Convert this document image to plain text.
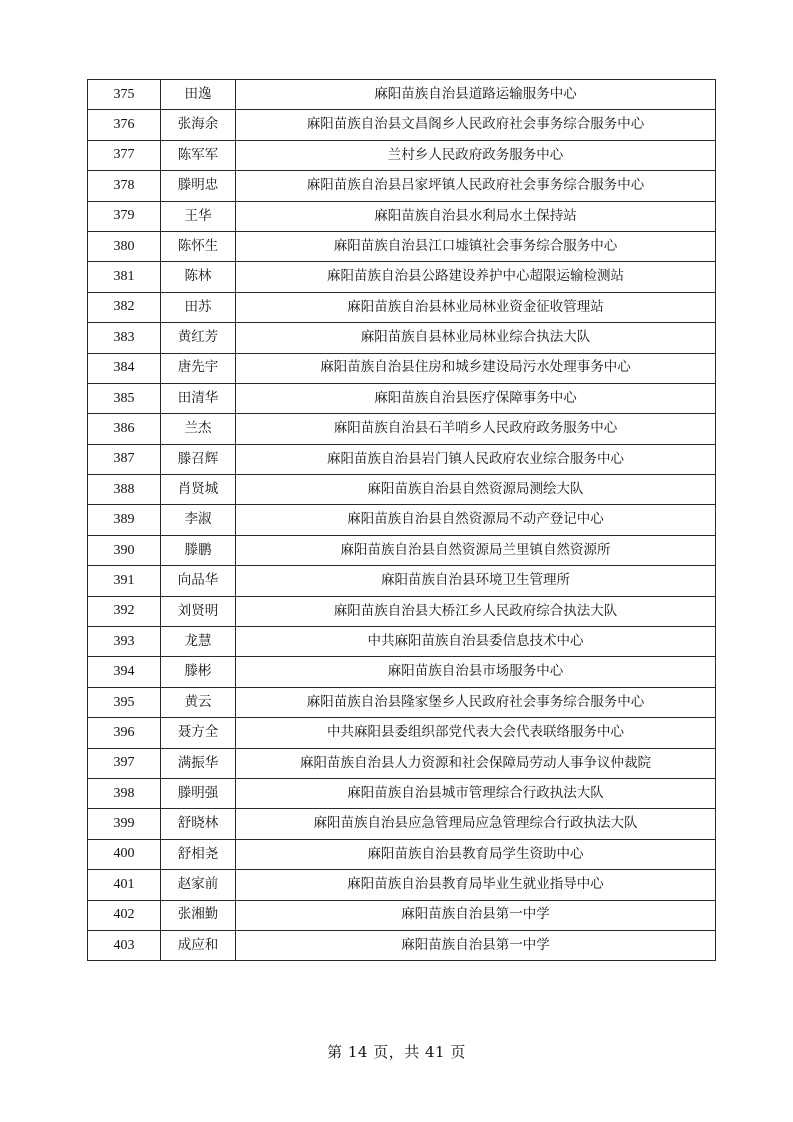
375	田逸	麻阳苗族自治县道路运输服务中心
376	张海余	麻阳苗族自治县文昌阁乡人民政府社会事务综合服务中心
377	陈军军	兰村乡人民政府政务服务中心
378	滕明忠	麻阳苗族自治县吕家坪镇人民政府社会事务综合服务中心
379	王华	麻阳苗族自治县水利局水土保持站
380	陈怀生	麻阳苗族自治县江口墟镇社会事务综合服务中心
381	陈林	麻阳苗族自治县公路建设养护中心超限运输检测站
382	田苏	麻阳苗族自治县林业局林业资金征收管理站
383	黄红芳	麻阳苗族自县林业局林业综合执法大队
384	唐先宇	麻阳苗族自治县住房和城乡建设局污水处理事务中心
385	田清华	麻阳苗族自治县医疗保障事务中心
386	兰杰	麻阳苗族自治县石羊哨乡人民政府政务服务中心
387	滕召辉	麻阳苗族自治县岩门镇人民政府农业综合服务中心
388	肖贤城	麻阳苗族自治县自然资源局测绘大队
389	李淑	麻阳苗族自治县自然资源局不动产登记中心
390	滕鹏	麻阳苗族自治县自然资源局兰里镇自然资源所
391	向品华	麻阳苗族自治县环境卫生管理所
392	刘贤明	麻阳苗族自治县大桥江乡人民政府综合执法大队
393	龙慧	中共麻阳苗族自治县委信息技术中心
394	滕彬	麻阳苗族自治县市场服务中心
395	黄云	麻阳苗族自治县隆家堡乡人民政府社会事务综合服务中心
396	聂方全	中共麻阳县委组织部党代表大会代表联络服务中心
397	满振华	麻阳苗族自治县人力资源和社会保障局劳动人事争议仲裁院
398	滕明强	麻阳苗族自治县城市管理综合行政执法大队
399	舒晓林	麻阳苗族自治县应急管理局应急管理综合行政执法大队
400	舒相尧	麻阳苗族自治县教育局学生资助中心
401	赵家前	麻阳苗族自治县教育局毕业生就业指导中心
402	张湘勤	麻阳苗族自治县第一中学
403	成应和	麻阳苗族自治县第一中学
第 14 页，共 41 页
